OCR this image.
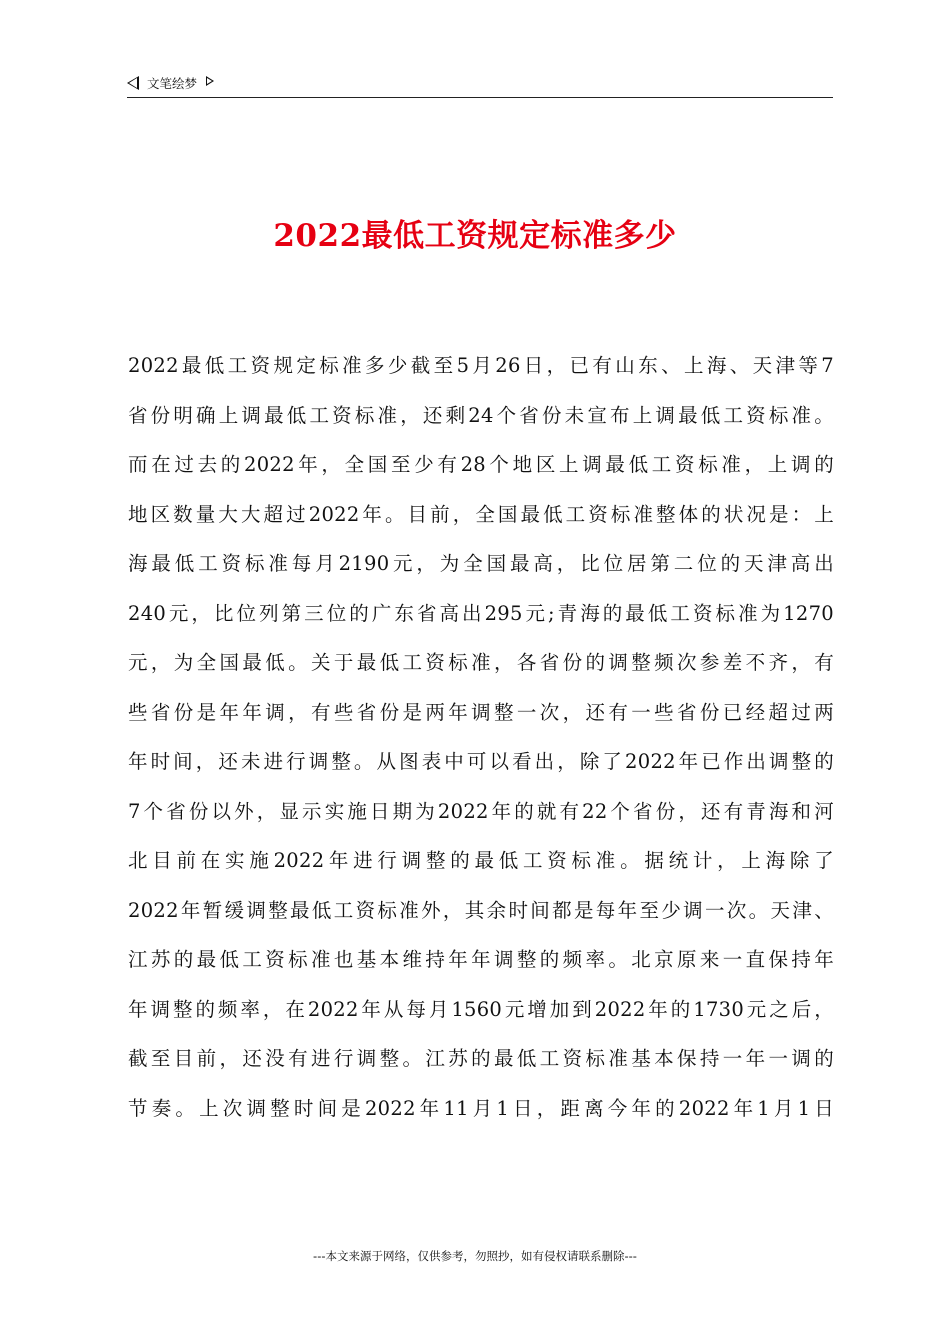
文笔绘梦
2022最低工资规定标准多少
2022最低工资规定标准多少截至5月26日，已有山东、上海、天津等7
省份明确上调最低工资标准，还剩24个省份未宣布上调最低工资标准。
而在过去的2022年，全国至少有28个地区上调最低工资标准，上调的
地区数量大大超过2022年。目前，全国最低工资标准整体的状况是：上
海最低工资标准每月2190元，为全国最高，比位居第二位的天津高出
240元，比位列第三位的广东省高出295元;青海的最低工资标准为1270
元，为全国最低。关于最低工资标准，各省份的调整频次参差不齐，有
些省份是年年调，有些省份是两年调整一次，还有一些省份已经超过两
年时间，还未进行调整。从图表中可以看出，除了2022年已作出调整的
7个省份以外，显示实施日期为2022年的就有22个省份，还有青海和河
北目前在实施2022年进行调整的最低工资标准。据统计，上海除了
2022年暂缓调整最低工资标准外，其余时间都是每年至少调一次。天津、
江苏的最低工资标准也基本维持年年调整的频率。北京原来一直保持年
年调整的频率，在2022年从每月1560元增加到2022年的1730元之后，
截至目前，还没有进行调整。江苏的最低工资标准基本保持一年一调的
节奏。上次调整时间是2022年11月1日，距离今年的2022年1月1日
---本文来源于网络，仅供参考，勿照抄，如有侵权请联系删除---
